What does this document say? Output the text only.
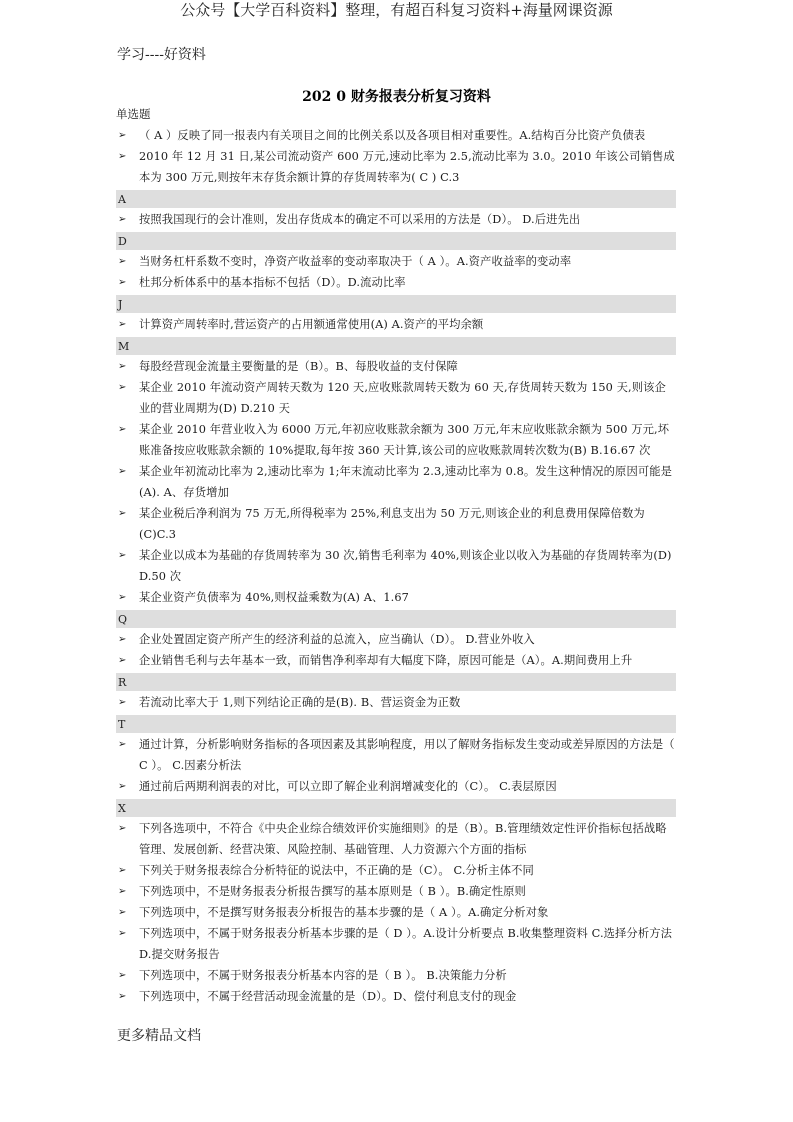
公众号【大学百科资料】整理，有超百科复习资料+海量网课资源
学习----好资料
202 0 财务报表分析复习资料
单选题
➢ （ A ）反映了同一报表内有关项目之间的比例关系以及各项目相对重要性。A.结构百分比资产负债表
➢ 2010 年 12 月 31 日,某公司流动资产 600 万元,速动比率为 2.5,流动比率为 3.0。2010 年该公司销售成本为 300 万元,则按年末存货余额计算的存货周转率为( C ) C.3
A
➢ 按照我国现行的会计准则，发出存货成本的确定不可以采用的方法是（D）。 D.后进先出
D
➢ 当财务杠杆系数不变时，净资产收益率的变动率取决于（ A ）。A.资产收益率的变动率
➢ 杜邦分析体系中的基本指标不包括（D）。D.流动比率
J
➢ 计算资产周转率时,营运资产的占用额通常使用(A) A.资产的平均余额
M
➢ 每股经营现金流量主要衡量的是（B）。B、每股收益的支付保障
➢ 某企业 2010 年流动资产周转天数为 120 天,应收账款周转天数为 60 天,存货周转天数为 150 天,则该企业的营业周期为(D) D.210 天
➢ 某企业 2010 年营业收入为 6000 万元,年初应收账款余额为 300 万元,年末应收账款余额为 500 万元,坏账准备按应收账款余额的 10%提取,每年按 360 天计算,该公司的应收账款周转次数为(B) B.16.67 次
➢ 某企业年初流动比率为 2,速动比率为 1;年末流动比率为 2.3,速动比率为 0.8。发生这种情况的原因可能是(A). A、存货增加
➢ 某企业税后净利润为 75 万无,所得税率为 25%,利息支出为 50 万元,则该企业的利息费用保障倍数为(C)C.3
➢ 某企业以成本为基础的存货周转率为 30 次,销售毛利率为 40%,则该企业以收入为基础的存货周转率为(D) D.50 次
➢ 某企业资产负债率为 40%,则权益乘数为(A) A、1.67
Q
➢ 企业处置固定资产所产生的经济利益的总流入，应当确认（D）。 D.营业外收入
➢ 企业销售毛利与去年基本一致，而销售净利率却有大幅度下降，原因可能是（A）。A.期间费用上升
R
➢ 若流动比率大于 1,则下列结论正确的是(B). B、营运资金为正数
T
➢ 通过计算，分析影响财务指标的各项因素及其影响程度，用以了解财务指标发生变动或差异原因的方法是（ C ）。 C.因素分析法
➢ 通过前后两期利润表的对比，可以立即了解企业利润增减变化的（C）。 C.表层原因
X
➢ 下列各选项中，不符合《中央企业综合绩效评价实施细则》的是（B）。B.管理绩效定性评价指标包括战略管理、发展创新、经营决策、风险控制、基础管理、人力资源六个方面的指标
➢ 下列关于财务报表综合分析特征的说法中，不正确的是（C）。 C.分析主体不同
➢ 下列选项中，不是财务报表分析报告撰写的基本原则是（ B ）。B.确定性原则
➢ 下列选项中，不是撰写财务报表分析报告的基本步骤的是（ A ）。A.确定分析对象
➢ 下列选项中，不属于财务报表分析基本步骤的是（ D ）。A.设计分析要点 B.收集整理资料 C.选择分析方法 D.提交财务报告
➢ 下列选项中，不属于财务报表分析基本内容的是（ B ）。 B.决策能力分析
➢ 下列选项中，不属于经营活动现金流量的是（D）。D、偿付利息支付的现金
更多精品文档
